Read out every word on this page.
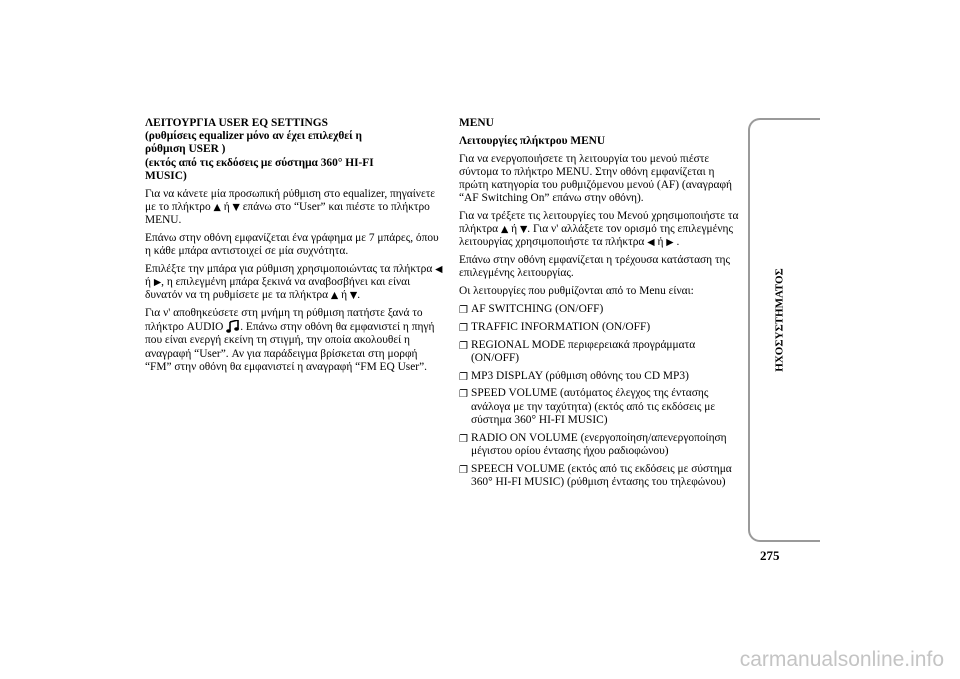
ΛΕΙΤΟΥΡΓΙΑ USER EQ SETTINGS
(ρυθμίσεις equalizer μόνο αν έχει επιλεχθεί η
ρύθμιση USER )
(εκτός από τις εκδόσεις με σύστημα 360° HI-FI
MUSIC)

Για να κάνετε μία προσωπική ρύθμιση στο equalizer, πηγαίνετε με το πλήκτρο ▲ ή ▼ επάνω στο “User” και πιέστε το πλήκτρο MENU.

Επάνω στην οθόνη εμφανίζεται ένα γράφημα με 7 μπάρες, όπου η κάθε μπάρα αντιστοιχεί σε μία συχνότητα.

Επιλέξτε την μπάρα για ρύθμιση χρησιμοποιώντας τα πλήκτρα ◀ ή ▶, η επιλεγμένη μπάρα ξεκινά να αναβοσβήνει και είναι δυνατόν να τη ρυθμίσετε με τα πλήκτρα ▲ ή ▼.

Για ν' αποθηκεύσετε στη μνήμη τη ρύθμιση πατήστε ξανά το πλήκτρο AUDIO . Επάνω στην οθόνη θα εμφανιστεί η πηγή που είναι ενεργή εκείνη τη στιγμή, την οποία ακολουθεί η αναγραφή “User”. Αν για παράδειγμα βρίσκεται στη μορφή “FM” στην οθόνη θα εμφανιστεί η αναγραφή “FM EQ User”.

MENU

Λειτουργίες πλήκτρου MENU

Για να ενεργοποιήσετε τη λειτουργία του μενού πιέστε σύντομα το πλήκτρο MENU. Στην οθόνη εμφανίζεται η πρώτη κατηγορία του ρυθμιζόμενου μενού (AF) (αναγραφή “AF Switching On” επάνω στην οθόνη).

Για να τρέξετε τις λειτουργίες του Μενού χρησιμοποιήστε τα πλήκτρα ▲ ή ▼. Για ν' αλλάξετε τον ορισμό της επιλεγμένης λειτουργίας χρησιμοποιήστε τα πλήκτρα ◀ ή ▶ .

Επάνω στην οθόνη εμφανίζεται η τρέχουσα κατάσταση της επιλεγμένης λειτουργίας.

Οι λειτουργίες που ρυθμίζονται από το Menu είναι:

❐ AF SWITCHING (ON/OFF)
❐ TRAFFIC INFORMATION (ON/OFF)
❐ REGIONAL MODE περιφερειακά προγράμματα (ON/OFF)
❐ MP3 DISPLAY (ρύθμιση οθόνης του CD MP3)
❐ SPEED VOLUME (αυτόματος έλεγχος της έντασης ανάλογα με την ταχύτητα) (εκτός από τις εκδόσεις με σύστημα 360° HI-FI MUSIC)
❐ RADIO ON VOLUME (ενεργοποίηση/απενεργοποίηση μέγιστου ορίου έντασης ήχου ραδιοφώνου)
❐ SPEECH VOLUME (εκτός από τις εκδόσεις με σύστημα 360° HI-FI MUSIC) (ρύθμιση έντασης του τηλεφώνου)
ΗΧΟΣΥΣΤΗΜΑΤΟΣ
275
carmanualsonline.info
